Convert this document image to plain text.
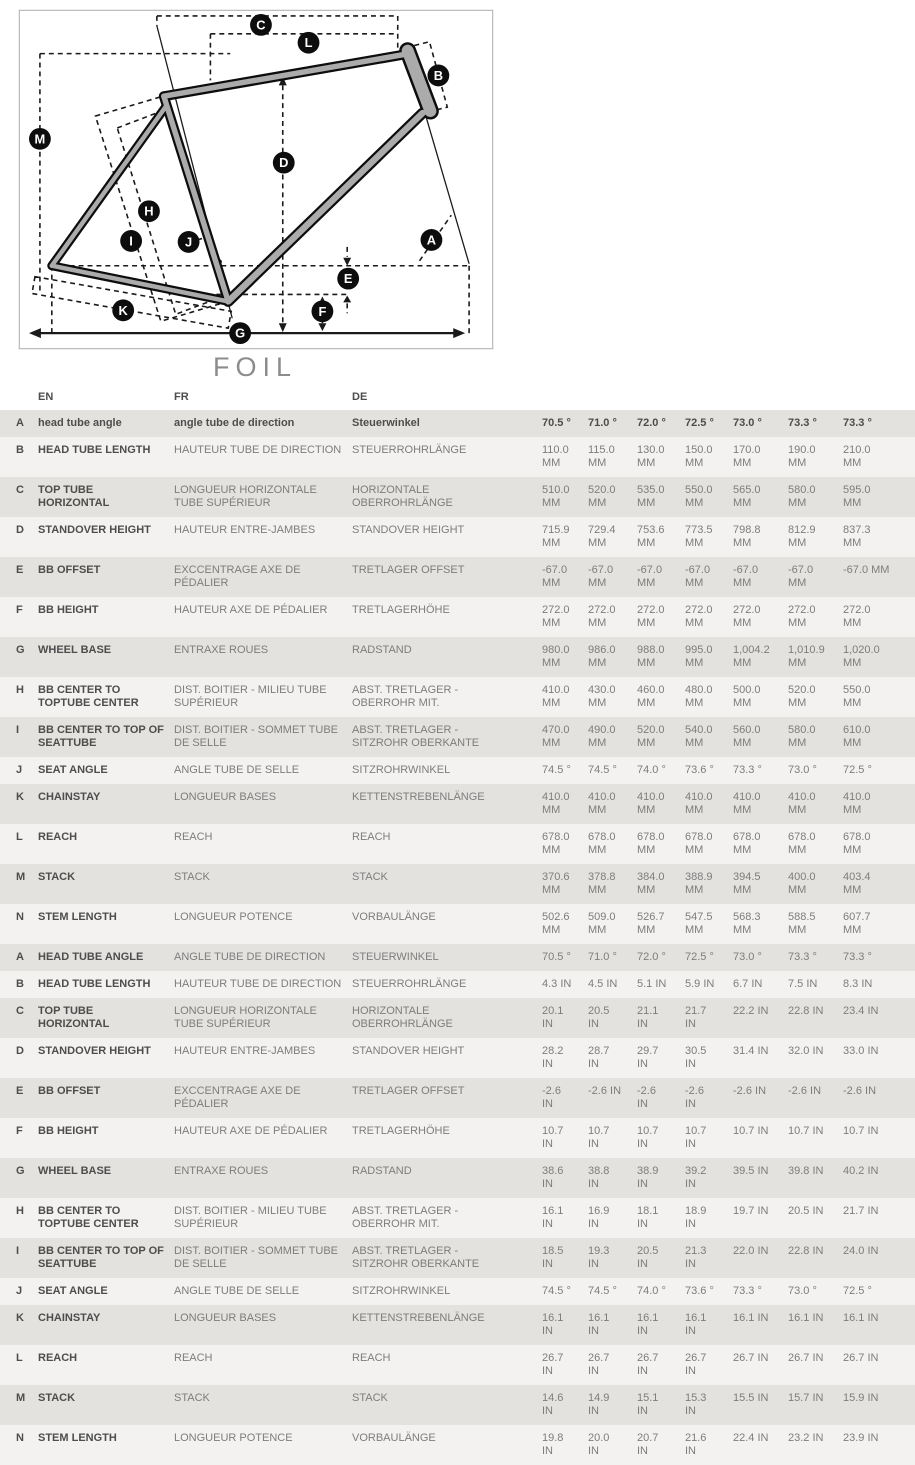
C
L
B
M
D
H
I	J	A
E
F
K
G
FOIL
EN	FR	DE
A	head tube angle	angle tube de direction	Steuerwinkel	70.5 °	71.0 °	72.0 °	72.5 °	73.0 °	73.3 °	73.3 °
B	HEAD TUBE LENGTH	HAUTEUR TUBE DE DIRECTION STEUERROHRLÄNGE	110.0
MM
115.0
MM
130.0
MM
150.0
MM
170.0
MM
190.0
MM
210.0
MM
C	TOP TUBE HORIZONTAL
LONGUEUR HORIZONTALE TUBE SUPÉRIEUR
HORIZONTALE OBERROHRLÄNGE
510.0
MM
520.0
MM
535.0
MM
550.0
MM
565.0
MM
580.0
MM
595.0
MM
D	STANDOVER HEIGHT	HAUTEUR ENTRE-JAMBES	STANDOVER HEIGHT	715.9
MM
729.4
MM
753.6
MM
773.5
MM
798.8
MM
812.9
MM
837.3
MM
E	BB OFFSET	EXCCENTRAGE AXE DE PÉDALIER
TRETLAGER OFFSET	-67.0
MM
-67.0
MM
-67.0
MM
-67.0
MM
-67.0
MM
-67.0
MM
-67.0 MM
F	BB HEIGHT	HAUTEUR AXE DE PÉDALIER	TRETLAGERHÖHE	272.0
MM
272.0
MM
272.0
MM
272.0
MM
272.0
MM
272.0
MM
272.0
MM
G	WHEEL BASE	ENTRAXE ROUES	RADSTAND	980.0
MM
986.0
MM
988.0
MM
995.0
MM
1,004.2
MM
1,010.9
MM
1,020.0
MM
H	BB CENTER TO TOPTUBE CENTER
DIST. BOITIER - MILIEU TUBE SUPÉRIEUR
ABST. TRETLAGER - OBERROHR MIT.
410.0
MM
430.0
MM
460.0
MM
480.0
MM
500.0
MM
520.0
MM
550.0
MM
I	BB CENTER TO TOP OF SEATTUBE
DIST. BOITIER - SOMMET TUBE DE SELLE
ABST. TRETLAGER - SITZROHR OBERKANTE
470.0
MM
490.0
MM
520.0
MM
540.0
MM
560.0
MM
580.0
MM
610.0
MM
J	SEAT ANGLE	ANGLE TUBE DE SELLE	SITZROHRWINKEL	74.5 °	74.5 °	74.0 °	73.6 °	73.3 °	73.0 °	72.5 °
K	CHAINSTAY	LONGUEUR BASES	KETTENSTREBENLÄNGE	410.0
MM
410.0
MM
410.0
MM
410.0
MM
410.0
MM
410.0
MM
410.0
MM
L	REACH	REACH	REACH	678.0
MM
678.0
MM
678.0
MM
678.0
MM
678.0
MM
678.0
MM
678.0
MM
M	STACK	STACK	STACK	370.6
MM
378.8
MM
384.0
MM
388.9
MM
394.5
MM
400.0
MM
403.4
MM
N	STEM LENGTH	LONGUEUR POTENCE	VORBAULÄNGE	502.6
MM
509.0
MM
526.7
MM
547.5
MM
568.3
MM
588.5
MM
607.7
MM
A	HEAD TUBE ANGLE	ANGLE TUBE DE DIRECTION	STEUERWINKEL	70.5 °	71.0 °	72.0 °	72.5 °	73.0 °	73.3 °	73.3 °
B	HEAD TUBE LENGTH	HAUTEUR TUBE DE DIRECTION STEUERROHRLÄNGE	4.3 IN	4.5 IN	5.1 IN	5.9 IN	6.7 IN	7.5 IN	8.3 IN
C	TOP TUBE HORIZONTAL
LONGUEUR HORIZONTALE TUBE SUPÉRIEUR
HORIZONTALE OBERROHRLÄNGE
20.1 IN
20.5 IN
21.1 IN
21.7 IN
22.2 IN	22.8 IN	23.4 IN
D	STANDOVER HEIGHT	HAUTEUR ENTRE-JAMBES	STANDOVER HEIGHT	28.2 IN
28.7 IN
29.7 IN
30.5 IN
31.4 IN	32.0 IN	33.0 IN
E	BB OFFSET	EXCCENTRAGE AXE DE PÉDALIER
TRETLAGER OFFSET	-2.6 IN
-2.6 IN	-2.6 IN
-2.6 IN
-2.6 IN	-2.6 IN	-2.6 IN
F	BB HEIGHT	HAUTEUR AXE DE PÉDALIER	TRETLAGERHÖHE	10.7 IN
10.7 IN
10.7 IN
10.7 IN
10.7 IN	10.7 IN	10.7 IN
G	WHEEL BASE	ENTRAXE ROUES	RADSTAND	38.6 IN
38.8 IN
38.9 IN
39.2 IN
39.5 IN	39.8 IN	40.2 IN
H	BB CENTER TO TOPTUBE CENTER
DIST. BOITIER - MILIEU TUBE SUPÉRIEUR
ABST. TRETLAGER - OBERROHR MIT.
16.1 IN
16.9 IN
18.1 IN
18.9 IN
19.7 IN	20.5 IN	21.7 IN
I	BB CENTER TO TOP OF SEATTUBE
DIST. BOITIER - SOMMET TUBE DE SELLE
ABST. TRETLAGER - SITZROHR OBERKANTE
18.5 IN
19.3 IN
20.5 IN
21.3 IN
22.0 IN	22.8 IN	24.0 IN
J	SEAT ANGLE	ANGLE TUBE DE SELLE	SITZROHRWINKEL	74.5 °	74.5 °	74.0 °	73.6 °	73.3 °	73.0 °	72.5 °
K	CHAINSTAY	LONGUEUR BASES	KETTENSTREBENLÄNGE	16.1 IN
16.1 IN
16.1 IN
16.1 IN
16.1 IN	16.1 IN	16.1 IN
L	REACH	REACH	REACH	26.7 IN
26.7 IN
26.7 IN
26.7 IN
26.7 IN	26.7 IN	26.7 IN
M	STACK	STACK	STACK	14.6 IN
14.9 IN
15.1 IN
15.3 IN
15.5 IN	15.7 IN	15.9 IN
N	STEM LENGTH	LONGUEUR POTENCE	VORBAULÄNGE	19.8 IN
20.0 IN
20.7 IN
21.6 IN
22.4 IN	23.2 IN	23.9 IN
